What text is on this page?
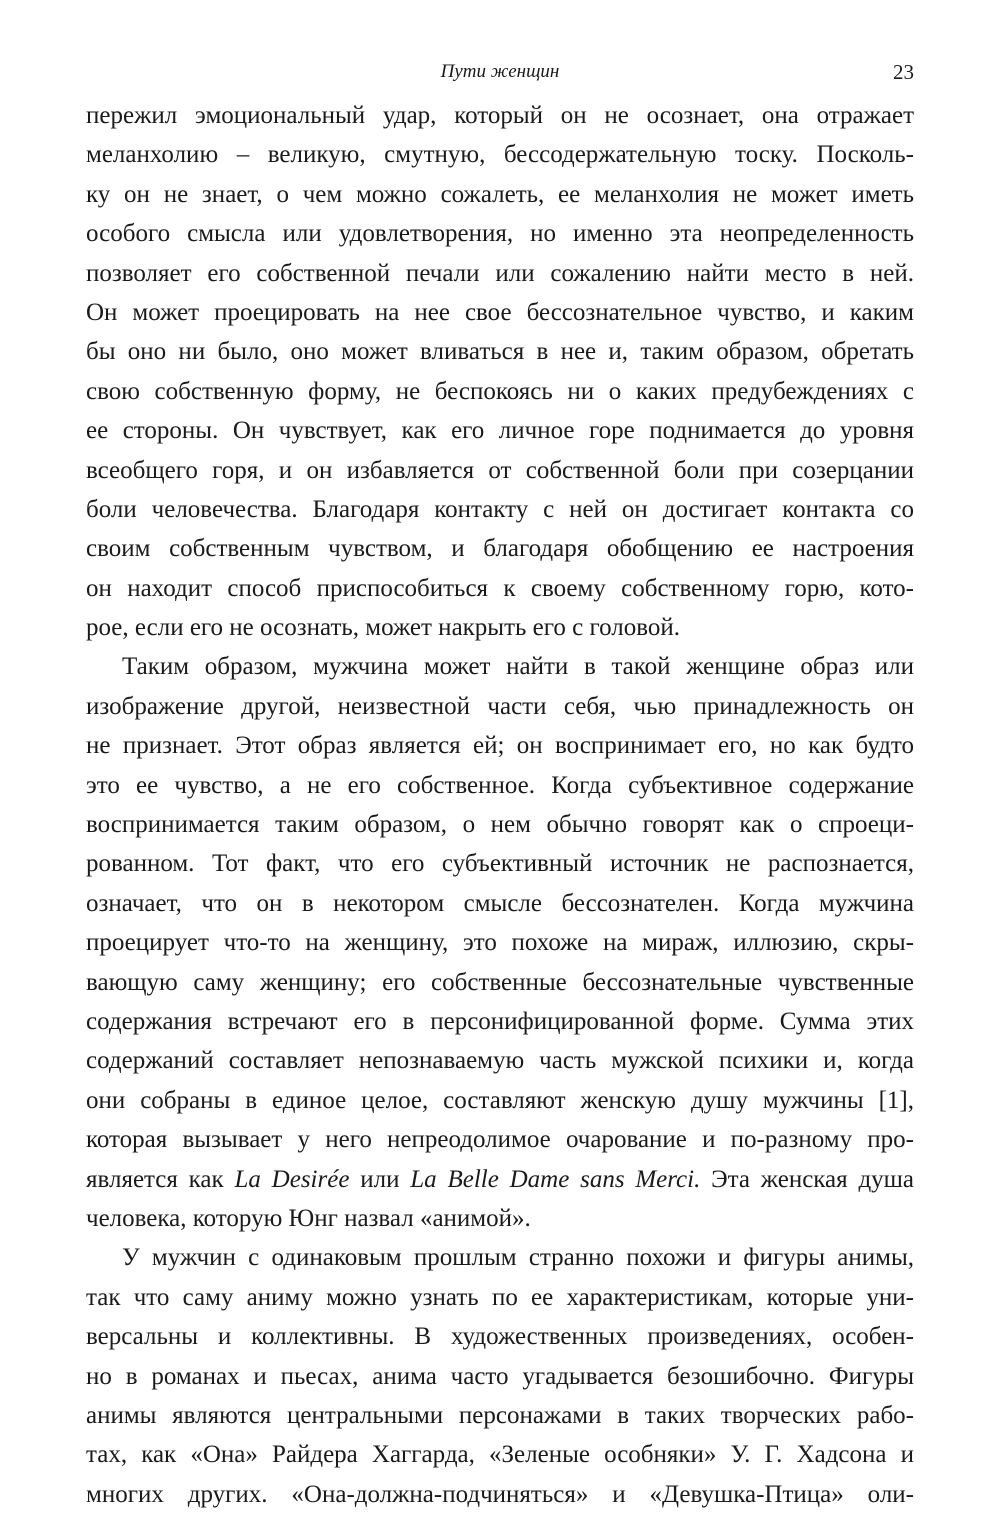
Пути женщин	23
пережил эмоциональный удар, который он не осознает, она отражает
меланхолию – великую, смутную, бессодержательную тоску. Посколь-
ку он не знает, о чем можно сожалеть, ее меланхолия не может иметь
особого смысла или удовлетворения, но именно эта неопределенность
позволяет его собственной печали или сожалению найти место в ней.
Он может проецировать на нее свое бессознательное чувство, и каким
бы оно ни было, оно может вливаться в нее и, таким образом, обретать
свою собственную форму, не беспокоясь ни о каких предубеждениях с
ее стороны. Он чувствует, как его личное горе поднимается до уровня
всеобщего горя, и он избавляется от собственной боли при созерцании
боли человечества. Благодаря контакту с ней он достигает контакта со
своим собственным чувством, и благодаря обобщению ее настроения
он находит способ приспособиться к своему собственному горю, кото-
рое, если его не осознать, может накрыть его с головой.
Таким образом, мужчина может найти в такой женщине образ или
изображение другой, неизвестной части себя, чью принадлежность он
не признает. Этот образ является ей; он воспринимает его, но как будто
это ее чувство, а не его собственное. Когда субъективное содержание
воспринимается таким образом, о нем обычно говорят как о спроеци-
рованном. Тот факт, что его субъективный источник не распознается,
означает, что он в некотором смысле бессознателен. Когда мужчина
проецирует что-то на женщину, это похоже на мираж, иллюзию, скры-
вающую саму женщину; его собственные бессознательные чувственные
содержания встречают его в персонифицированной форме. Сумма этих
содержаний составляет непознаваемую часть мужской психики и, когда
они собраны в единое целое, составляют женскую душу мужчины [1],
которая вызывает у него непреодолимое очарование и по-разному про-
является как La Desirée или La Belle Dame sans Merci. Эта женская душа
человека, которую Юнг назвал «анимой».
У мужчин с одинаковым прошлым странно похожи и фигуры анимы,
так что саму аниму можно узнать по ее характеристикам, которые уни-
версальны и коллективны. В художественных произведениях, особен-
но в романах и пьесах, анима часто угадывается безошибочно. Фигуры
анимы являются центральными персонажами в таких творческих рабо-
тах, как «Она» Райдера Хаггарда, «Зеленые особняки» У. Г. Хадсона и
многих других. «Она-должна-подчиняться» и «Девушка-Птица» оли-
